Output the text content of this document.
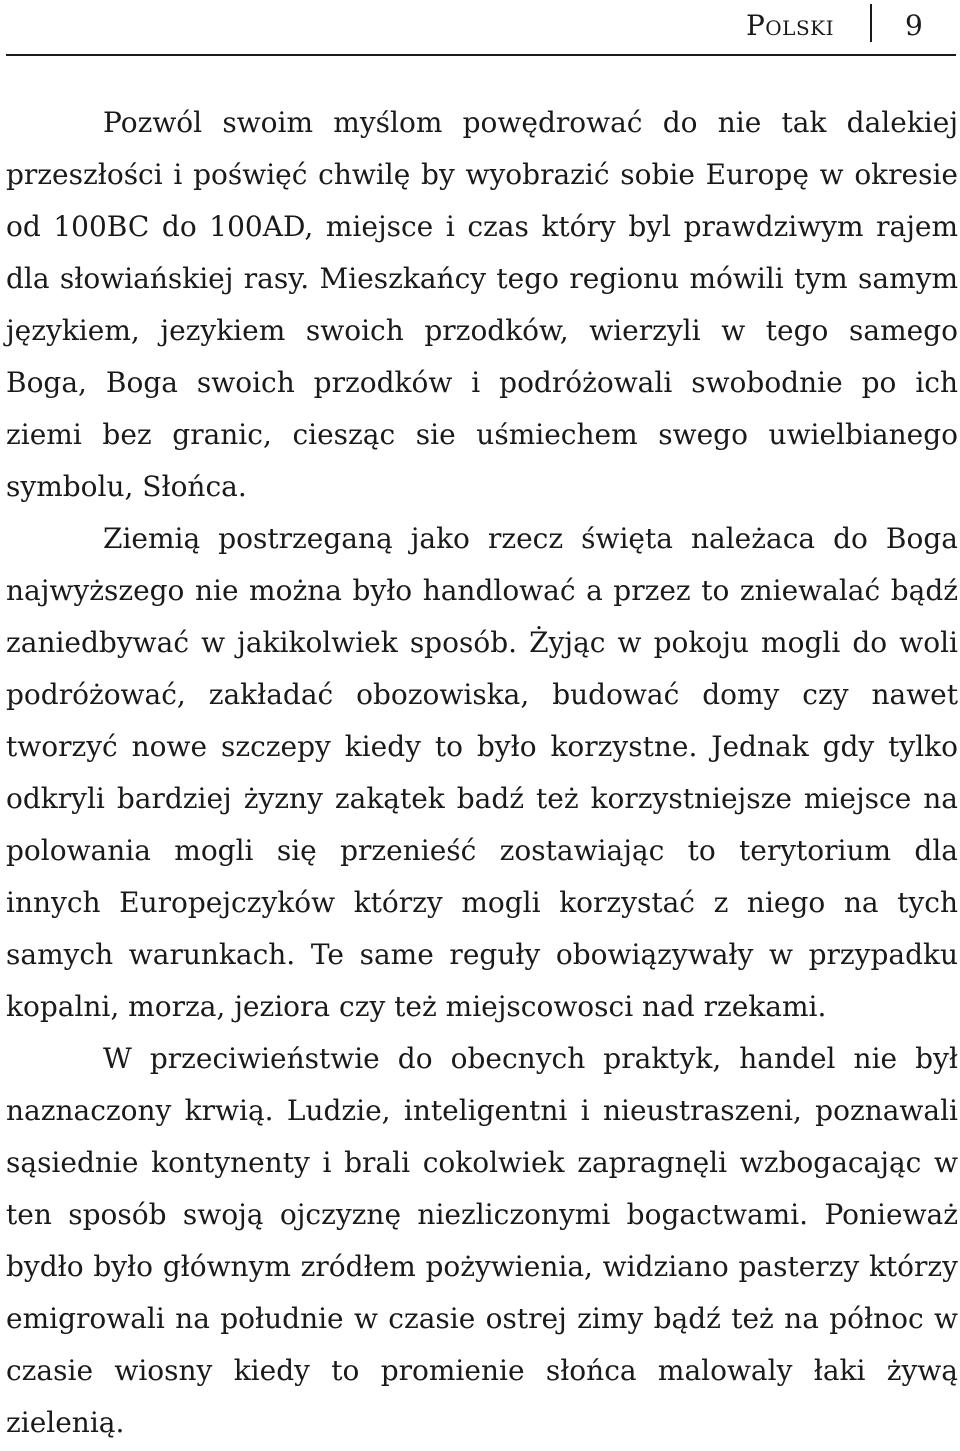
Polski	9

Pozwól swoim myślom powędrować do nie tak dalekiej przeszłości i poświęć chwilę by wyobrazić sobie Europę w okresie od 100BC do 100AD, miejsce i czas który byl prawdziwym rajem dla słowiańskiej rasy. Mieszkańcy tego regionu mówili tym samym językiem, jezykiem swoich przodków, wierzyli w tego samego Boga, Boga swoich przodków i podróżowali swobodnie po ich ziemi bez granic, ciesząc sie uśmiechem swego uwielbianego symbolu, Słońca.

Ziemią postrzeganą jako rzecz święta należaca do Boga najwyższego nie można było handlować a przez to zniewalać bądź zaniedbywać w jakikolwiek sposób. Żyjąc w pokoju mogli do woli podróżować, zakładać obozowiska, budować domy czy nawet tworzyć nowe szczepy kiedy to było korzystne. Jednak gdy tylko odkryli bardziej żyzny zakątek badź też korzystniejsze miejsce na polowania mogli się przenieść zostawiając to terytorium dla innych Europejczyków którzy mogli korzystać z niego na tych samych warunkach. Te same reguły obowiązywały w przypadku kopalni, morza, jeziora czy też miejscowosci nad rzekami.

W przeciwieństwie do obecnych praktyk, handel nie był naznaczony krwią. Ludzie, inteligentni i nieustraszeni, poznawali sąsiednie kontynenty i brali cokolwiek zapragnęli wzbogacając w ten sposób swoją ojczyznę niezliczonymi bogactwami. Ponieważ bydło było głównym zródłem pożywienia, widziano pasterzy którzy emigrowali na południe w czasie ostrej zimy bądź też na północ w czasie wiosny kiedy to promienie słońca malowaly łaki żywą zielenią.
